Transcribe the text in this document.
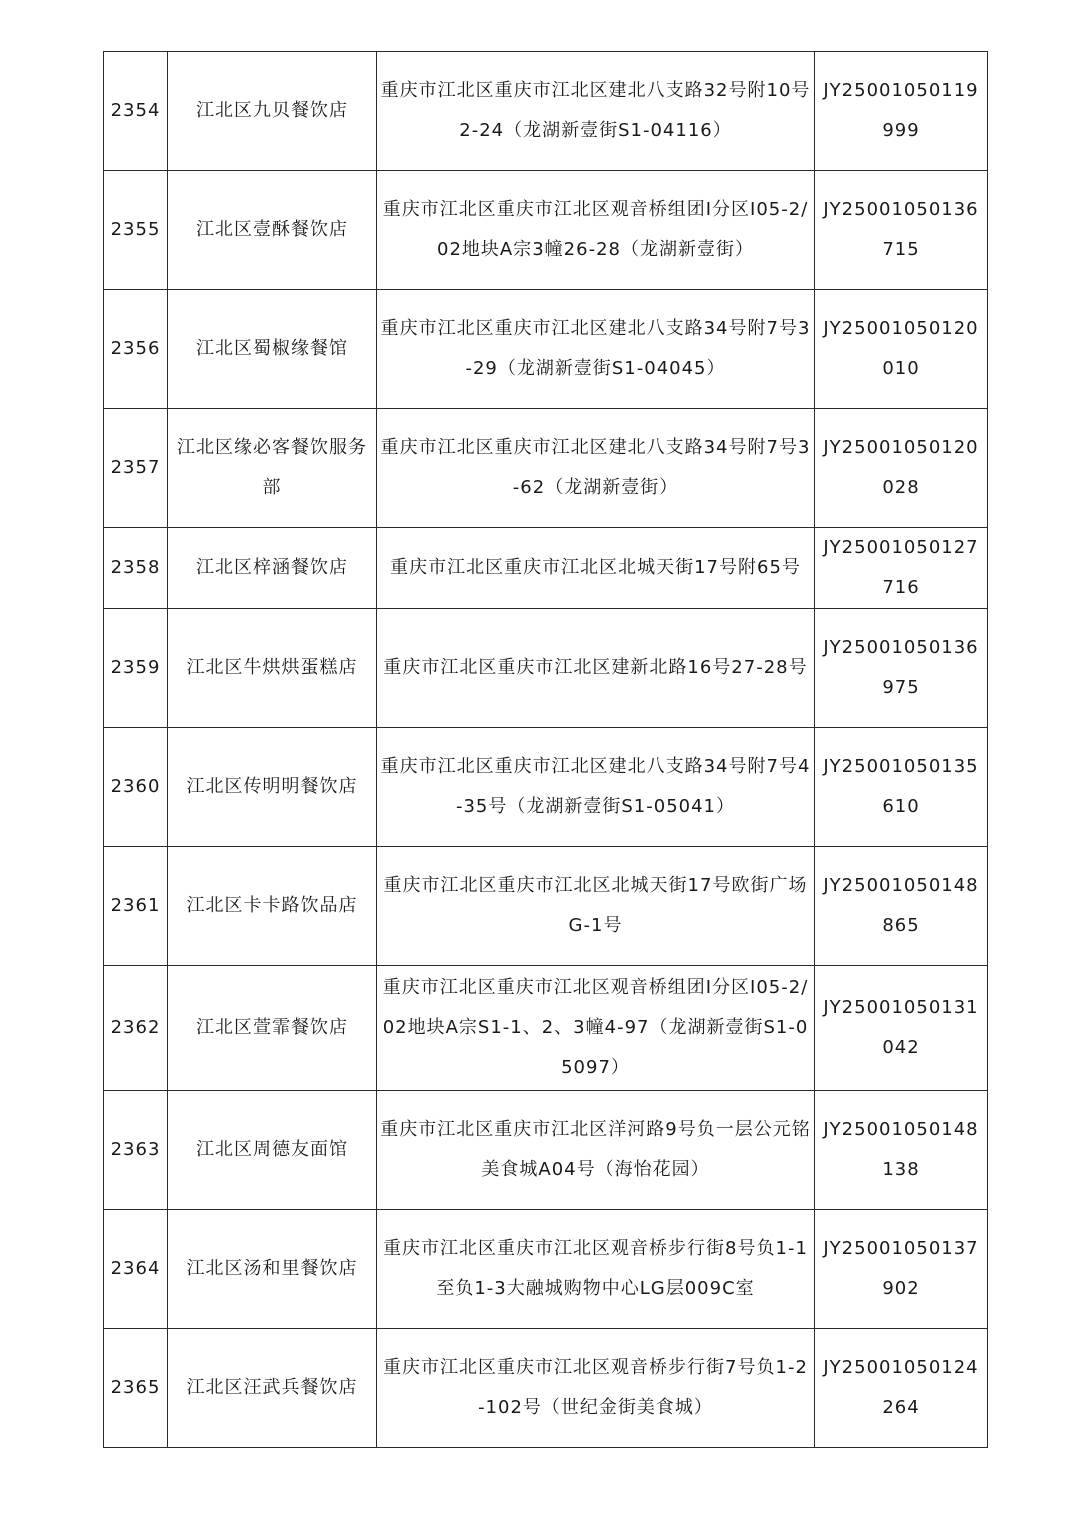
2354	江北区九贝餐饮店	重庆市江北区重庆市江北区建北八支路32号附10号2-24（龙湖新壹街S1-04116）	JY25001050119999
2355	江北区壹酥餐饮店	重庆市江北区重庆市江北区观音桥组团Ⅰ分区Ⅰ05-2/02地块A宗3幢26-28（龙湖新壹街）	JY25001050136715
2356	江北区蜀椒缘餐馆	重庆市江北区重庆市江北区建北八支路34号附7号3-29（龙湖新壹街S1-04045）	JY25001050120010
2357	江北区缘必客餐饮服务部	重庆市江北区重庆市江北区建北八支路34号附7号3-62（龙湖新壹街）	JY25001050120028
2358	江北区梓涵餐饮店	重庆市江北区重庆市江北区北城天街17号附65号	JY25001050127716
2359	江北区牛烘烘蛋糕店	重庆市江北区重庆市江北区建新北路16号27-28号	JY25001050136975
2360	江北区传明明餐饮店	重庆市江北区重庆市江北区建北八支路34号附7号4-35号（龙湖新壹街S1-05041）	JY25001050135610
2361	江北区卡卡路饮品店	重庆市江北区重庆市江北区北城天街17号欧街广场G-1号	JY25001050148865
2362	江北区萱霏餐饮店	重庆市江北区重庆市江北区观音桥组团Ⅰ分区Ⅰ05-2/02地块A宗S1-1、2、3幢4-97（龙湖新壹街S1-05097）	JY25001050131042
2363	江北区周德友面馆	重庆市江北区重庆市江北区洋河路9号负一层公元铭美食城A04号（海怡花园）	JY25001050148138
2364	江北区汤和里餐饮店	重庆市江北区重庆市江北区观音桥步行街8号负1-1至负1-3大融城购物中心LG层009C室	JY25001050137902
2365	江北区汪武兵餐饮店	重庆市江北区重庆市江北区观音桥步行街7号负1-2-102号（世纪金街美食城）	JY25001050124264
